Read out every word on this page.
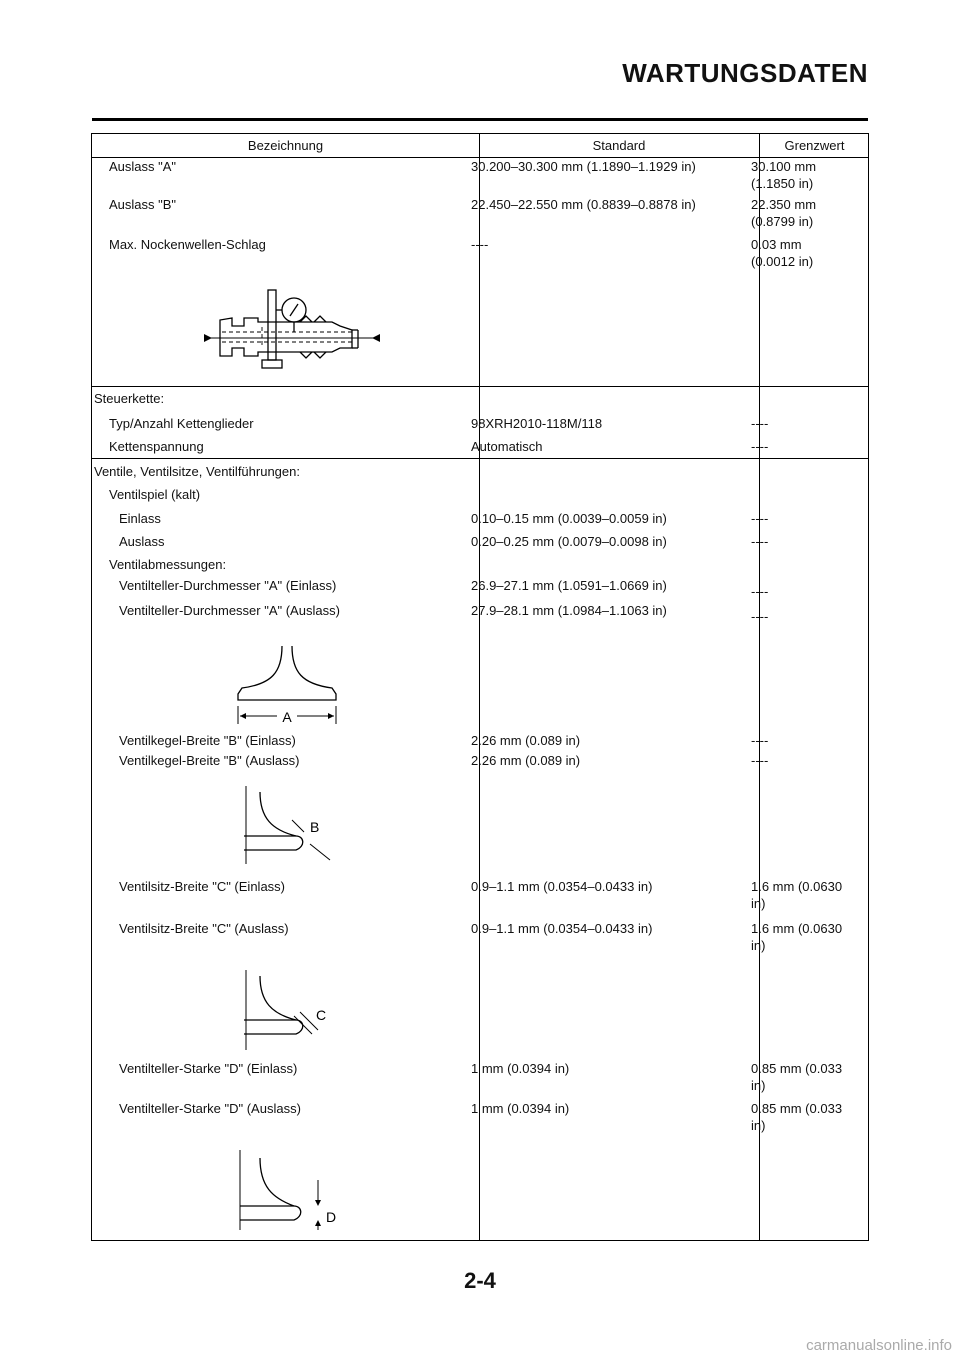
WARTUNGSDATEN
Bezeichnung	Standard	Grenzwert
Auslass "A"	30.200–30.300 mm (1.1890–1.1929 in)	30.100 mm
(1.1850 in)
Auslass "B"	22.450–22.550 mm (0.8839–0.8878 in)	22.350 mm
(0.8799 in)
Max. Nockenwellen-Schlag	----	0.03 mm
(0.0012 in)
Steuerkette:
Typ/Anzahl Kettenglieder	98XRH2010-118M/118	----
Kettenspannung	Automatisch	----
Ventile, Ventilsitze, Ventilführungen:
Ventilspiel (kalt)
Einlass	0.10–0.15 mm (0.0039–0.0059 in)	----
Auslass	0.20–0.25 mm (0.0079–0.0098 in)	----
Ventilabmessungen:
Ventilteller-Durchmesser "A" (Einlass)	26.9–27.1 mm (1.0591–1.0669 in)	----
Ventilteller-Durchmesser "A" (Auslass)	27.9–28.1 mm (1.0984–1.1063 in)	----
A
Ventilkegel-Breite "B" (Einlass)	2.26 mm (0.089 in)	----
Ventilkegel-Breite "B" (Auslass)	2.26 mm (0.089 in)	----
B
Ventilsitz-Breite "C" (Einlass)	0.9–1.1 mm (0.0354–0.0433 in)	1.6 mm (0.0630
in)
Ventilsitz-Breite "C" (Auslass)	0.9–1.1 mm (0.0354–0.0433 in)	1.6 mm (0.0630
in)
C
Ventilteller-Starke "D" (Einlass)	1 mm (0.0394 in)	0.85 mm (0.033
in)
Ventilteller-Starke "D" (Auslass)	1 mm (0.0394 in)	0.85 mm (0.033
in)
D
2-4
carmanualsonline.info
